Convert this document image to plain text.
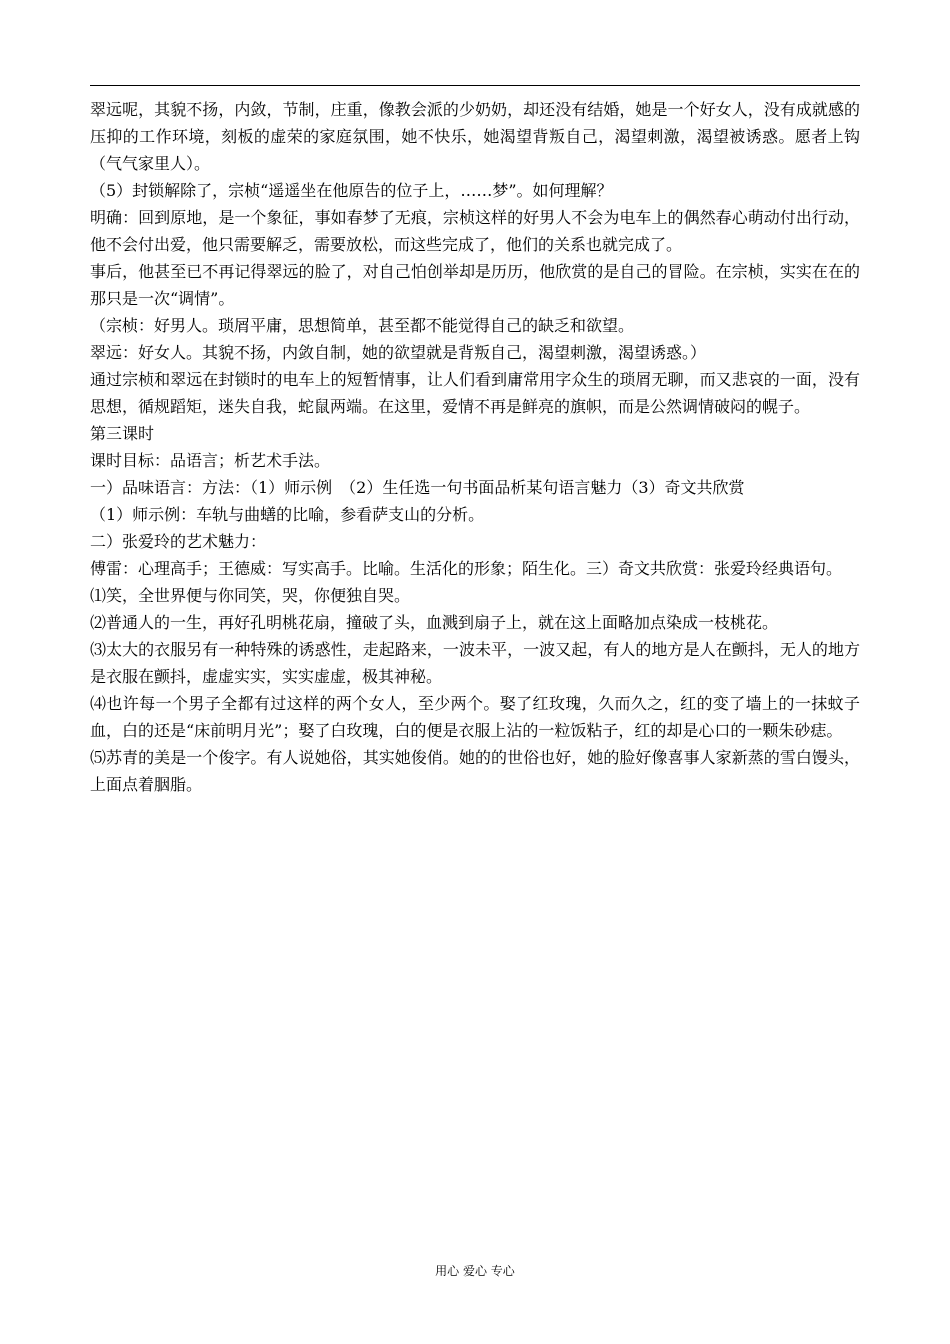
翠远呢，其貌不扬，内敛，节制，庄重，像教会派的少奶奶，却还没有结婚，她是一个好女人，没有成就感的压抑的工作环境，刻板的虚荣的家庭氛围，她不快乐，她渴望背叛自己，渴望刺激，渴望被诱惑。愿者上钩（气气家里人）。

（5）封锁解除了，宗桢“遥遥坐在他原告的位子上，……梦”。如何理解？

明确：回到原地，是一个象征，事如春梦了无痕，宗桢这样的好男人不会为电车上的偶然春心萌动付出行动，他不会付出爱，他只需要解乏，需要放松，而这些完成了，他们的关系也就完成了。

事后，他甚至已不再记得翠远的脸了，对自己怕创举却是历历，他欣赏的是自己的冒险。在宗桢，实实在在的那只是一次“调情”。

（宗桢：好男人。琐屑平庸，思想简单，甚至都不能觉得自己的缺乏和欲望。

翠远：好女人。其貌不扬，内敛自制，她的欲望就是背叛自己，渴望刺激，渴望诱惑。）

通过宗桢和翠远在封锁时的电车上的短暂情事，让人们看到庸常用字众生的琐屑无聊，而又悲哀的一面，没有思想，循规蹈矩，迷失自我，蛇鼠两端。在这里，爱情不再是鲜亮的旗帜，而是公然调情破闷的幌子。

第三课时

课时目标：品语言；析艺术手法。

一）品味语言：方法：（1）师示例　（2）生任选一句书面品析某句语言魅力（3）奇文共欣赏

（1）师示例：车轨与曲蟮的比喻，参看萨支山的分析。

二）张爱玲的艺术魅力：

傅雷：心理高手；王德威：写实高手。比喻。生活化的形象；陌生化。三）奇文共欣赏：张爱玲经典语句。

⑴笑，全世界便与你同笑，哭，你便独自哭。

⑵普通人的一生，再好孔明桃花扇，撞破了头，血溅到扇子上，就在这上面略加点染成一枝桃花。

⑶太大的衣服另有一种特殊的诱惑性，走起路来，一波未平，一波又起，有人的地方是人在颤抖，无人的地方是衣服在颤抖，虚虚实实，实实虚虚，极其神秘。

⑷也许每一个男子全都有过这样的两个女人，至少两个。娶了红玫瑰，久而久之，红的变了墙上的一抹蚊子血，白的还是“床前明月光”；娶了白玫瑰，白的便是衣服上沾的一粒饭粘子，红的却是心口的一颗朱砂痣。

⑸苏青的美是一个俊字。有人说她俗，其实她俊俏。她的的世俗也好，她的脸好像喜事人家新蒸的雪白馒头，上面点着胭脂。

用心 爱心 专心
